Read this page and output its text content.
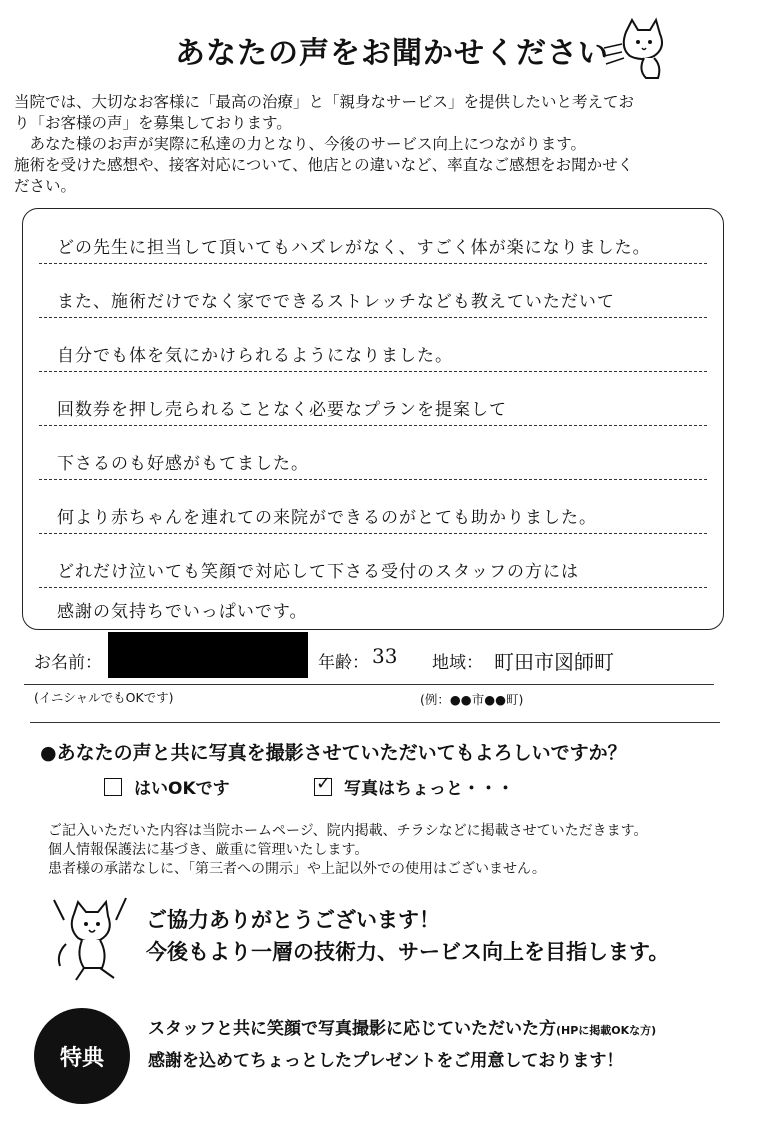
あなたの声をお聞かせください

当院では、大切なお客様に「最高の治療」と「親身なサービス」を提供したいと考えてお

り「お客様の声」を募集しております。

　あなた様のお声が実際に私達の力となり、今後のサービス向上につながります。

施術を受けた感想や、接客対応について、他店との違いなど、率直なご感想をお聞かせく

ださい。

どの先生に担当して頂いてもハズレがなく、すごく体が楽になりました。
また、施術だけでなく家でできるストレッチなども教えていただいて
自分でも体を気にかけられるようになりました。
回数券を押し売られることなく必要なプランを提案して
下さるのも好感がもてました。
何より赤ちゃんを連れての来院ができるのがとても助かりました。
どれだけ泣いても笑顔で対応して下さる受付のスタッフの方には
感謝の気持ちでいっぱいです。
お名前：	年齢： 33 地域： 町田市図師町
(イニシャルでもOKです)	(例：●●市●●町)
●あなたの声と共に写真を撮影させていただいてもよろしいですか？
はいOKです	✓ 写真はちょっと・・・

ご記入いただいた内容は当院ホームページ、院内掲載、チラシなどに掲載させていただきます。

個人情報保護法に基づき、厳重に管理いたします。

患者様の承諾なしに、「第三者への開示」や上記以外での使用はございません。

ご協力ありがとうございます！
今後もより一層の技術力、サービス向上を目指します。
特典
スタッフと共に笑顔で写真撮影に応じていただいた方(HPに掲載OKな方)
感謝を込めてちょっとしたプレゼントをご用意しております！
